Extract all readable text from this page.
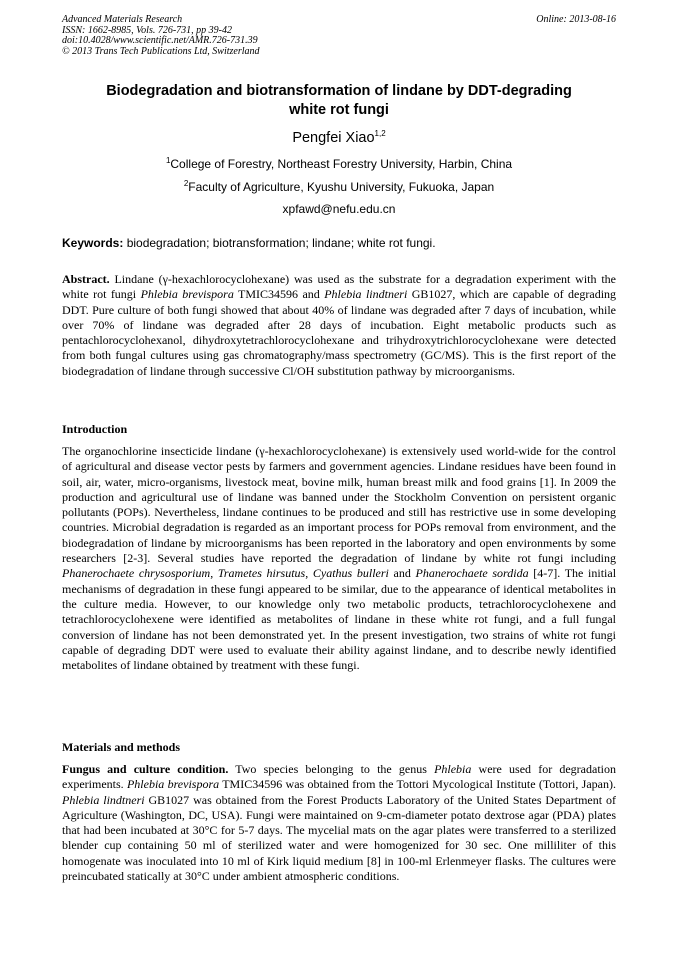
Advanced Materials Research
ISSN: 1662-8985, Vols. 726-731, pp 39-42
doi:10.4028/www.scientific.net/AMR.726-731.39
© 2013 Trans Tech Publications Ltd, Switzerland
Online: 2013-08-16
Biodegradation and biotransformation of lindane by DDT-degrading
white rot fungi
Pengfei Xiao$^{1,2}$
$^1$College of Forestry, Northeast Forestry University, Harbin, China
$^2$Faculty of Agriculture, Kyushu University, Fukuoka, Japan
xpfawd@nefu.edu.cn
Keywords: biodegradation; biotransformation; lindane; white rot fungi.

Abstract. Lindane (γ-hexachlorocyclohexane) was used as the substrate for a degradation experiment with the white rot fungi Phlebia brevispora TMIC34596 and Phlebia lindtneri GB1027, which are capable of degrading DDT. Pure culture of both fungi showed that about 40% of lindane was degraded after 7 days of incubation, while over 70% of lindane was degraded after 28 days of incubation. Eight metabolic products such as pentachlorocyclohexanol, dihydroxytetrachlorocyclohexane and trihydroxytrichlorocyclohexane were detected from both fungal cultures using gas chromatography/mass spectrometry (GC/MS). This is the first report of the biodegradation of lindane through successive Cl/OH substitution pathway by microorganisms.

Introduction

The organochlorine insecticide lindane (γ-hexachlorocyclohexane) is extensively used world-wide for the control of agricultural and disease vector pests by farmers and government agencies. Lindane residues have been found in soil, air, water, micro-organisms, livestock meat, bovine milk, human breast milk and food grains [1]. In 2009 the production and agricultural use of lindane was banned under the Stockholm Convention on persistent organic pollutants (POPs). Nevertheless, lindane continues to be produced and still has restrictive use in some developing countries. Microbial degradation is regarded as an important process for POPs removal from environment, and the biodegradation of lindane by microorganisms has been reported in the laboratory and open environments by some researchers [2-3]. Several studies have reported the degradation of lindane by white rot fungi including Phanerochaete chrysosporium, Trametes hirsutus, Cyathus bulleri and Phanerochaete sordida [4-7]. The initial mechanisms of degradation in these fungi appeared to be similar, due to the appearance of identical metabolites in the culture media. However, to our knowledge only two metabolic products, tetrachlorocyclohexene and tetrachlorocyclohexene were identified as metabolites of lindane in these white rot fungi, and a full fungal conversion of lindane has not been demonstrated yet. In the present investigation, two strains of white rot fungi capable of degrading DDT were used to evaluate their ability against lindane, and to describe newly identified metabolites of lindane obtained by treatment with these fungi.

Materials and methods

Fungus and culture condition. Two species belonging to the genus Phlebia were used for degradation experiments. Phlebia brevispora TMIC34596 was obtained from the Tottori Mycological Institute (Tottori, Japan). Phlebia lindtneri GB1027 was obtained from the Forest Products Laboratory of the United States Department of Agriculture (Washington, DC, USA). Fungi were maintained on 9-cm-diameter potato dextrose agar (PDA) plates that had been incubated at 30°C for 5-7 days. The mycelial mats on the agar plates were transferred to a sterilized blender cup containing 50 ml of sterilized water and were homogenized for 30 sec. One milliliter of this homogenate was inoculated into 10 ml of Kirk liquid medium [8] in 100-ml Erlenmeyer flasks. The cultures were preincubated statically at 30°C under ambient atmospheric conditions.
